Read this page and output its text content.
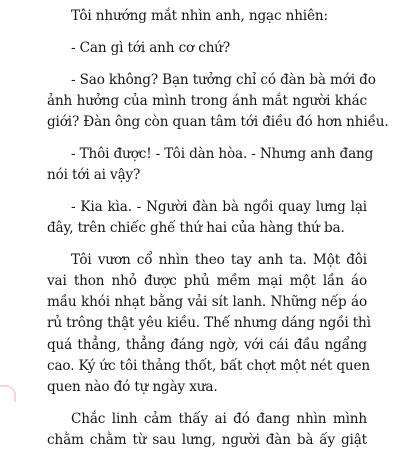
Tôi nhướng mắt nhìn anh, ngạc nhiên:

- Can gì tới anh cơ chứ?

- Sao không? Bạn tưởng chỉ có đàn bà mới đo
ảnh hưởng của mình trong ánh mắt người khác
giới? Đàn ông còn quan tâm tới điều đó hơn nhiều.

- Thôi được! - Tôi dàn hòa. - Nhưng anh đang
nói tới ai vậy?

- Kia kìa. - Người đàn bà ngồi quay lưng lại
đây, trên chiếc ghế thứ hai của hàng thứ ba.

Tôi vươn cổ nhìn theo tay anh ta. Một đôi
vai thon nhỏ được phủ mềm mại một lần áo
mầu khói nhạt bằng vải sít lanh. Những nếp áo
rủ trông thật yêu kiều. Thế nhưng dáng ngồi thì
quá thẳng, thẳng đáng ngờ, với cái đầu ngẩng
cao. Ký ức tôi thảng thốt, bất chợt một nét quen
quen nào đó tự ngày xưa.

Chắc linh cảm thấy ai đó đang nhìn mình
chằm chằm từ sau lưng, người đàn bà ấy giật
